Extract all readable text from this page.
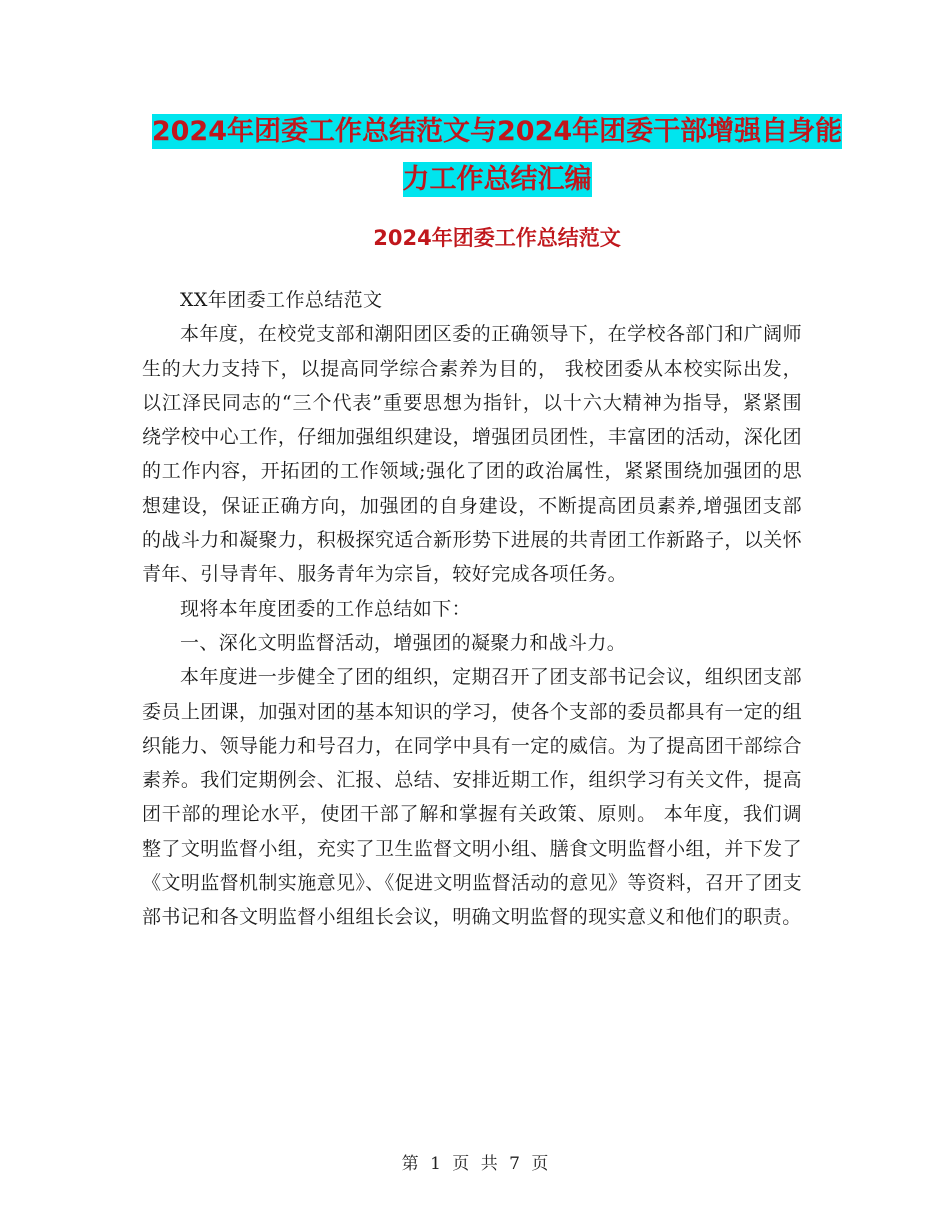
2024年团委工作总结范文与2024年团委干部增强自身能力工作总结汇编
2024年团委工作总结范文

XX年团委工作总结范文

本年度，在校党支部和潮阳团区委的正确领导下，在学校各部门和广阔师生的大力支持下，以提高同学综合素养为目的， 我校团委从本校实际出发，以江泽民同志的“三个代表”重要思想为指针，以十六大精神为指导，紧紧围绕学校中心工作，仔细加强组织建设，增强团员团性，丰富团的活动，深化团的工作内容，开拓团的工作领域;强化了团的政治属性，紧紧围绕加强团的思想建设，保证正确方向，加强团的自身建设，不断提高团员素养,增强团支部的战斗力和凝聚力，积极探究适合新形势下进展的共青团工作新路子，以关怀青年、引导青年、服务青年为宗旨，较好完成各项任务。

现将本年度团委的工作总结如下：

一、深化文明监督活动，增强团的凝聚力和战斗力。

本年度进一步健全了团的组织，定期召开了团支部书记会议，组织团支部委员上团课，加强对团的基本知识的学习，使各个支部的委员都具有一定的组织能力、领导能力和号召力，在同学中具有一定的威信。为了提高团干部综合素养。我们定期例会、汇报、总结、安排近期工作，组织学习有关文件，提高团干部的理论水平，使团干部了解和掌握有关政策、原则。 本年度，我们调整了文明监督小组，充实了卫生监督文明小组、膳食文明监督小组，并下发了《文明监督机制实施意见》、《促进文明监督活动的意见》等资料，召开了团支部书记和各文明监督小组组长会议，明确文明监督的现实意义和他们的职责。

第 1 页 共 7 页
